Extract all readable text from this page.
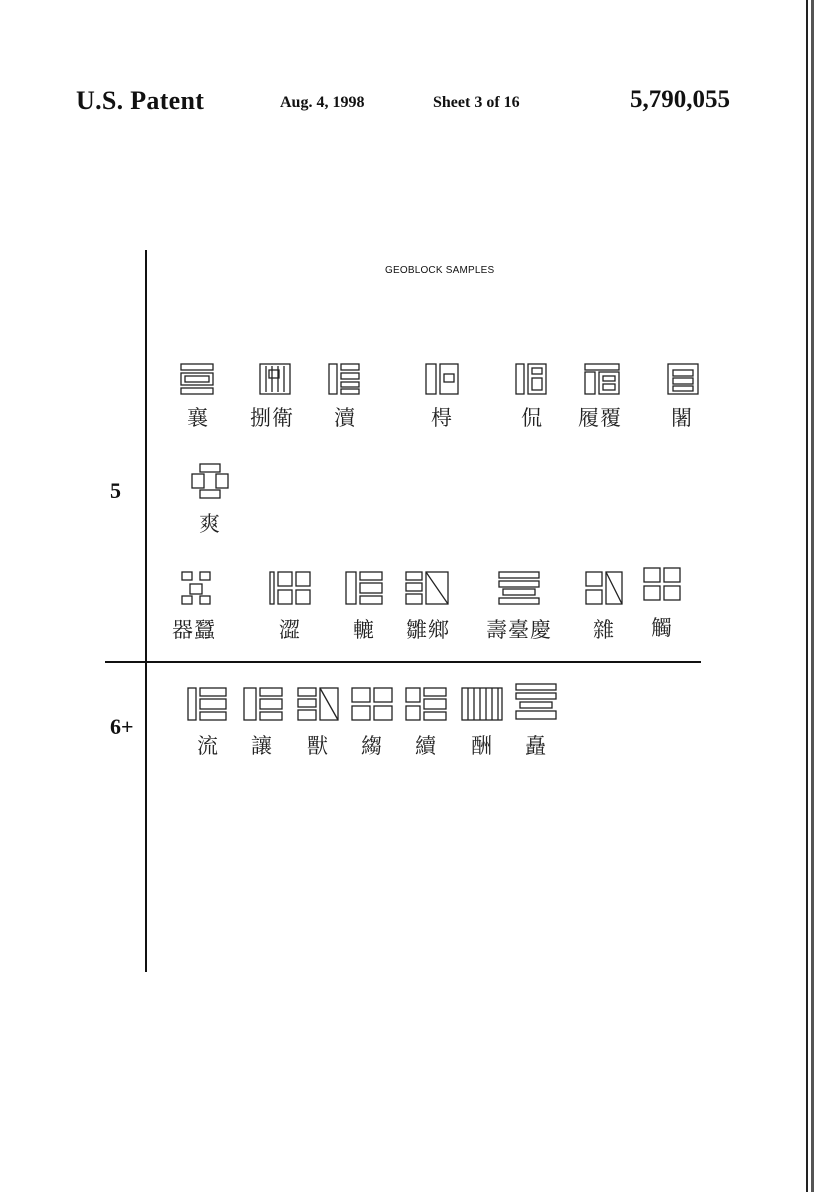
U.S. Patent	Aug. 4, 1998	Sheet 3 of 16	5,790,055
GEOBLOCK SAMPLES
5
6+
襄 捌衛 瀆	棏	侃 履覆 闍
爽
器蠶	澀 轆 雛鄉 壽臺慶 雜 觸
流 讓 獸 縐 續 酬 矗
